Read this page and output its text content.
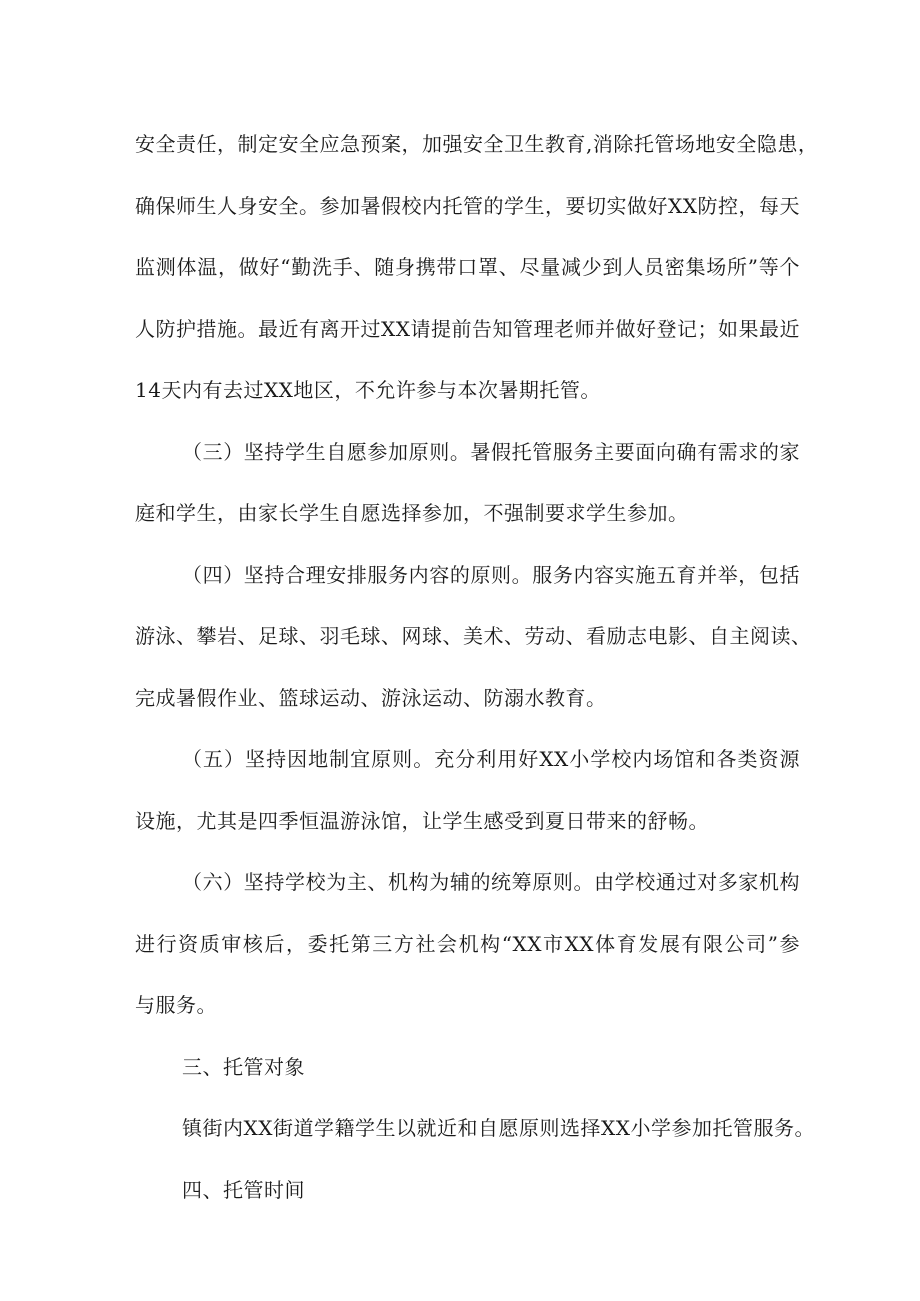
安全责任，制定安全应急预案，加强安全卫生教育,消除托管场地安全隐患，
确保师生人身安全。参加暑假校内托管的学生，要切实做好XX防控，每天
监测体温，做好“勤洗手、随身携带口罩、尽量减少到人员密集场所”等个
人防护措施。最近有离开过XX请提前告知管理老师并做好登记；如果最近
14天内有去过XX地区，不允许参与本次暑期托管。
（三）坚持学生自愿参加原则。暑假托管服务主要面向确有需求的家
庭和学生，由家长学生自愿选择参加，不强制要求学生参加。
（四）坚持合理安排服务内容的原则。服务内容实施五育并举，包括
游泳、攀岩、足球、羽毛球、网球、美术、劳动、看励志电影、自主阅读、
完成暑假作业、篮球运动、游泳运动、防溺水教育。
（五）坚持因地制宜原则。充分利用好XX小学校内场馆和各类资源
设施，尤其是四季恒温游泳馆，让学生感受到夏日带来的舒畅。
（六）坚持学校为主、机构为辅的统筹原则。由学校通过对多家机构
进行资质审核后，委托第三方社会机构“XX市XX体育发展有限公司”参
与服务。
三、托管对象
镇街内XX街道学籍学生以就近和自愿原则选择XX小学参加托管服务。
四、托管时间
